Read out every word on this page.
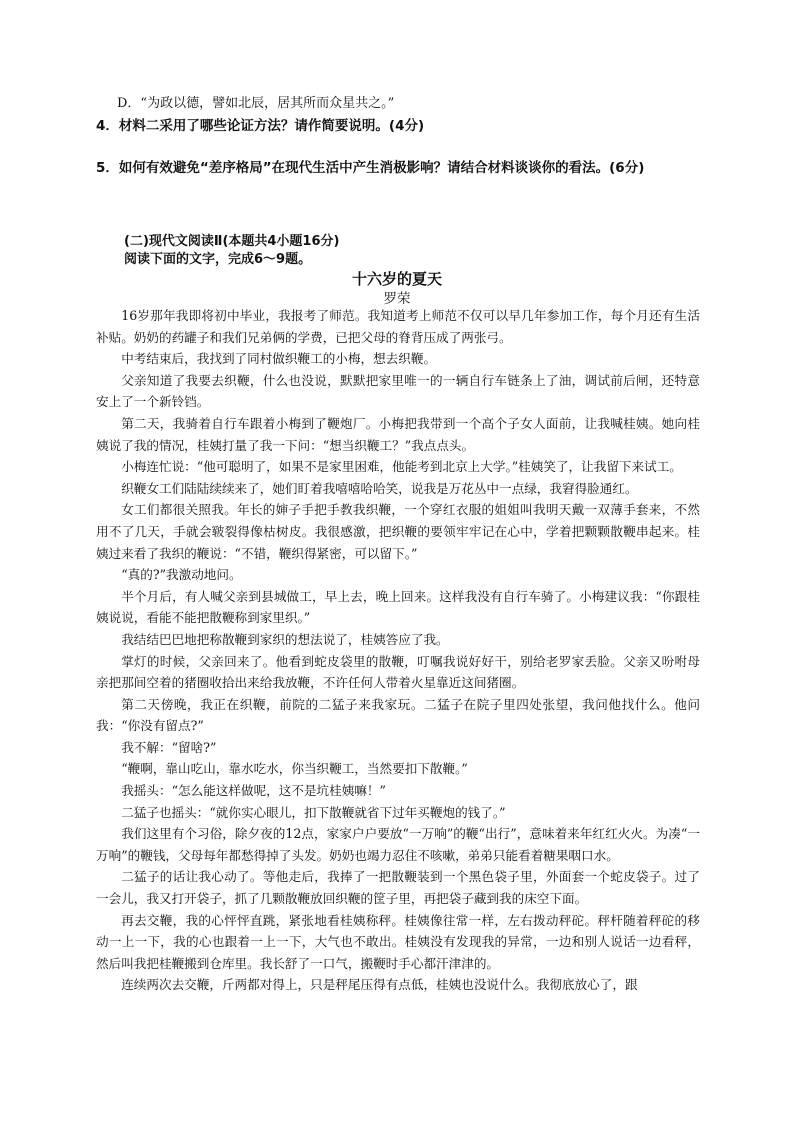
D．“为政以德，譬如北辰，居其所而众星共之。”

4．材料二采用了哪些论证方法？请作简要说明。(4分)

5．如何有效避免“差序格局”在现代生活中产生消极影响？请结合材料谈谈你的看法。(6分)

(二)现代文阅读Ⅱ(本题共4小题16分)

阅读下面的文字，完成6～9题。

十六岁的夏天

罗荣

16岁那年我即将初中毕业，我报考了师范。我知道考上师范不仅可以早几年参加工作，每个月还有生活补贴。奶奶的药罐子和我们兄弟俩的学费，已把父母的脊背压成了两张弓。

中考结束后，我找到了同村做织鞭工的小梅，想去织鞭。

父亲知道了我要去织鞭，什么也没说，默默把家里唯一的一辆自行车链条上了油，调试前后闸，还特意安上了一个新铃铛。

第二天，我骑着自行车跟着小梅到了鞭炮厂。小梅把我带到一个高个子女人面前，让我喊桂姨。她向桂姨说了我的情况，桂姨打量了我一下问：“想当织鞭工？”我点点头。

小梅连忙说：“他可聪明了，如果不是家里困难，他能考到北京上大学。”桂姨笑了，让我留下来试工。

织鞭女工们陆陆续续来了，她们盯着我嘻嘻哈哈笑，说我是万花丛中一点绿，我窘得脸通红。

女工们都很关照我。年长的婶子手把手教我织鞭，一个穿红衣服的姐姐叫我明天戴一双薄手套来，不然用不了几天，手就会皲裂得像枯树皮。我很感激，把织鞭的要领牢牢记在心中，学着把颗颗散鞭串起来。桂姨过来看了我织的鞭说：“不错，鞭织得紧密，可以留下。”

“真的?”我激动地问。

半个月后，有人喊父亲到县城做工，早上去，晚上回来。这样我没有自行车骑了。小梅建议我：“你跟桂姨说说，看能不能把散鞭称到家里织。”

我结结巴巴地把称散鞭到家织的想法说了，桂姨答应了我。

掌灯的时候，父亲回来了。他看到蛇皮袋里的散鞭，叮嘱我说好好干，别给老罗家丢脸。父亲又吩咐母亲把那间空着的猪圈收拾出来给我放鞭，不许任何人带着火星靠近这间猪圈。

第二天傍晚，我正在织鞭，前院的二猛子来我家玩。二猛子在院子里四处张望，我问他找什么。他问我：“你没有留点?”

我不解：“留啥?”

“鞭啊，靠山吃山，靠水吃水，你当织鞭工，当然要扣下散鞭。”

我摇头：“怎么能这样做呢，这不是坑桂姨嘛！”

二猛子也摇头：“就你实心眼儿，扣下散鞭就省下过年买鞭炮的钱了。”

我们这里有个习俗，除夕夜的12点，家家户户要放“一万响”的鞭“出行”，意味着来年红红火火。为凑“一万响”的鞭钱，父母每年都愁得掉了头发。奶奶也竭力忍住不咳嗽，弟弟只能看着糖果咽口水。

二猛子的话让我心动了。等他走后，我捧了一把散鞭装到一个黑色袋子里，外面套一个蛇皮袋子。过了一会儿，我又打开袋子，抓了几颗散鞭放回织鞭的筐子里，再把袋子藏到我的床空下面。

再去交鞭，我的心怦怦直跳，紧张地看桂姨称秤。桂姨像往常一样，左右拨动秤砣。秤杆随着秤砣的移动一上一下，我的心也跟着一上一下，大气也不敢出。桂姨没有发现我的异常，一边和别人说话一边看秤，然后叫我把桂鞭搬到仓库里。我长舒了一口气，搬鞭时手心都汗津津的。

连续两次去交鞭，斤两都对得上，只是秤尾压得有点低，桂姨也没说什么。我彻底放心了，跟
